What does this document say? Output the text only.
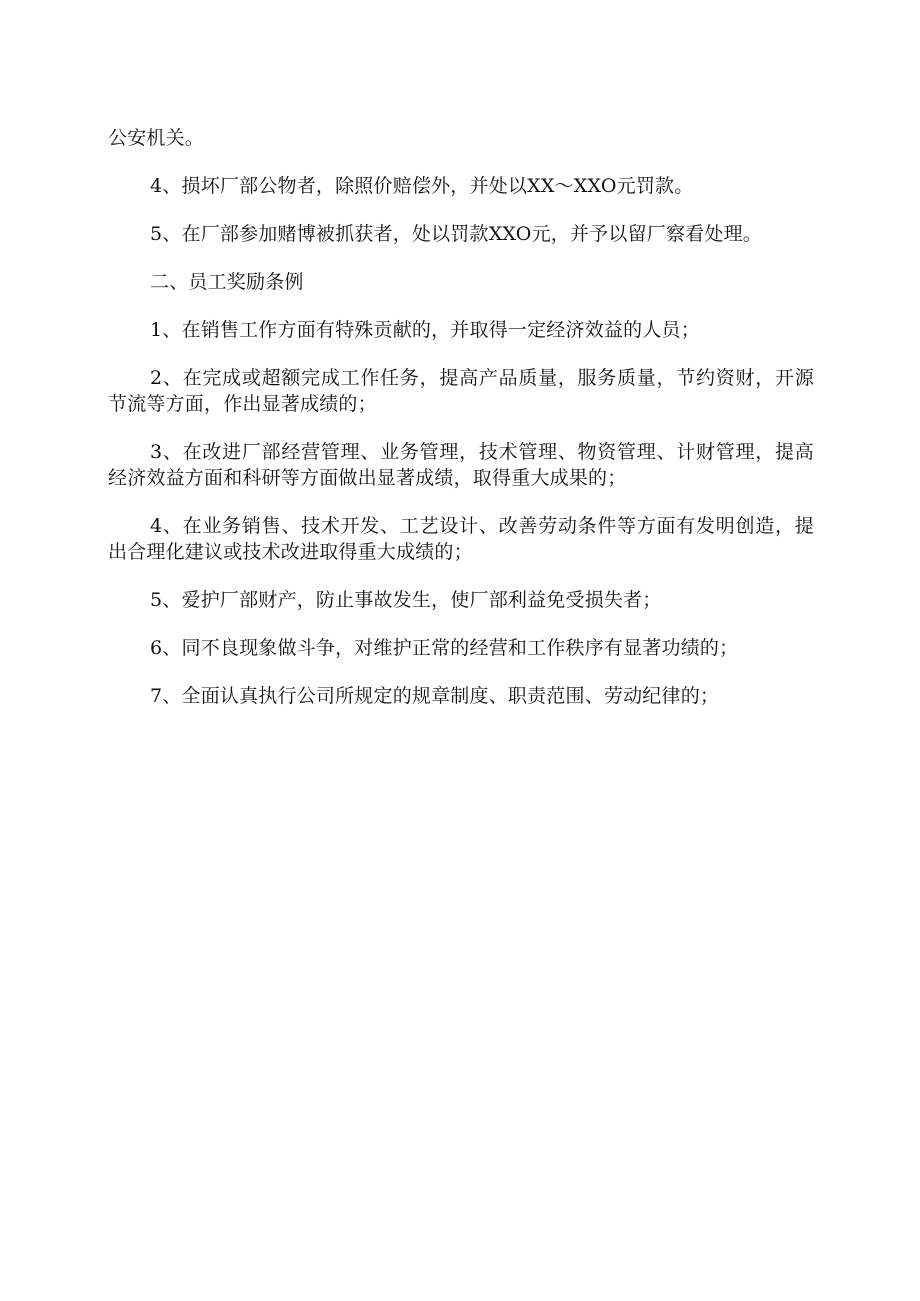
公安机关。

4、损坏厂部公物者，除照价赔偿外，并处以XX～XXO元罚款。

5、在厂部参加赌博被抓获者，处以罚款XXO元，并予以留厂察看处理。

二、员工奖励条例

1、在销售工作方面有特殊贡献的，并取得一定经济效益的人员；

2、在完成或超额完成工作任务，提高产品质量，服务质量，节约资财，开源节流等方面，作出显著成绩的；

3、在改进厂部经营管理、业务管理，技术管理、物资管理、计财管理，提高经济效益方面和科研等方面做出显著成绩，取得重大成果的；

4、在业务销售、技术开发、工艺设计、改善劳动条件等方面有发明创造，提出合理化建议或技术改进取得重大成绩的；

5、爱护厂部财产，防止事故发生，使厂部利益免受损失者；

6、同不良现象做斗争，对维护正常的经营和工作秩序有显著功绩的；

7、全面认真执行公司所规定的规章制度、职责范围、劳动纪律的；
